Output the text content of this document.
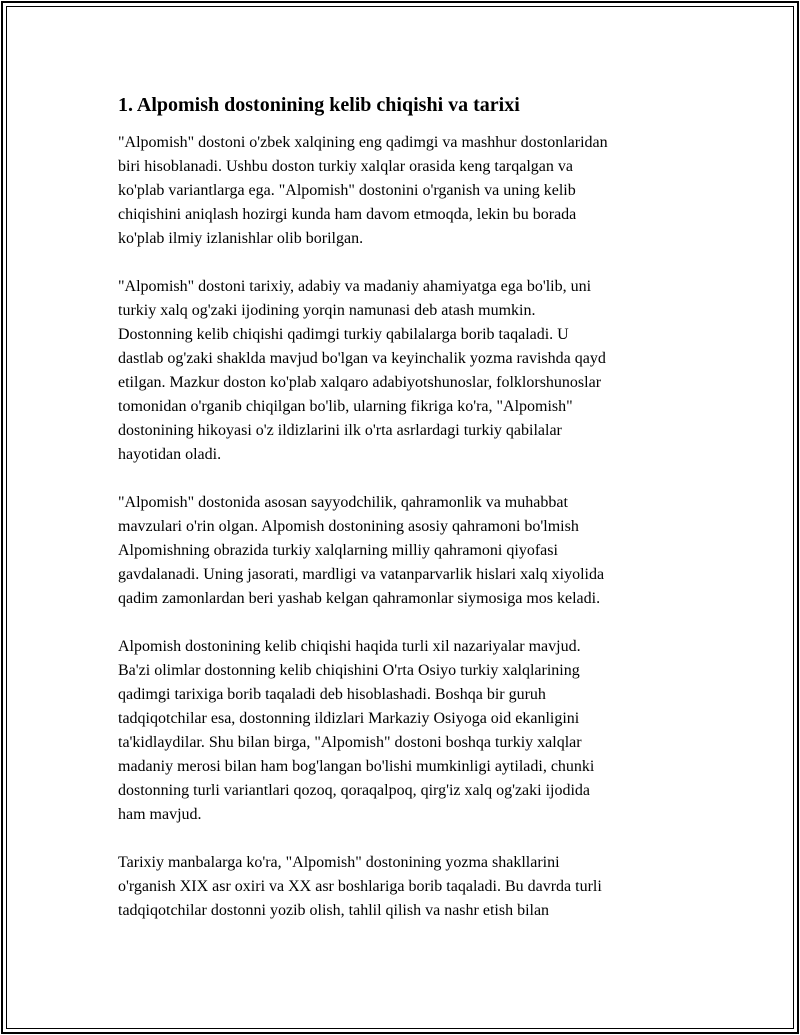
1. Alpomish dostonining kelib chiqishi va tarixi

"Alpomish" dostoni o'zbek xalqining eng qadimgi va mashhur dostonlaridan
biri hisoblanadi. Ushbu doston turkiy xalqlar orasida keng tarqalgan va
ko'plab variantlarga ega. "Alpomish" dostonini o'rganish va uning kelib
chiqishini aniqlash hozirgi kunda ham davom etmoqda, lekin bu borada
ko'plab ilmiy izlanishlar olib borilgan.

"Alpomish" dostoni tarixiy, adabiy va madaniy ahamiyatga ega bo'lib, uni
turkiy xalq og'zaki ijodining yorqin namunasi deb atash mumkin.
Dostonning kelib chiqishi qadimgi turkiy qabilalarga borib taqaladi. U
dastlab og'zaki shaklda mavjud bo'lgan va keyinchalik yozma ravishda qayd
etilgan. Mazkur doston ko'plab xalqaro adabiyotshunoslar, folklorshunoslar
tomonidan o'rganib chiqilgan bo'lib, ularning fikriga ko'ra, "Alpomish"
dostonining hikoyasi o'z ildizlarini ilk o'rta asrlardagi turkiy qabilalar
hayotidan oladi.

"Alpomish" dostonida asosan sayyodchilik, qahramonlik va muhabbat
mavzulari o'rin olgan. Alpomish dostonining asosiy qahramoni bo'lmish
Alpomishning obrazida turkiy xalqlarning milliy qahramoni qiyofasi
gavdalanadi. Uning jasorati, mardligi va vatanparvarlik hislari xalq xiyolida
qadim zamonlardan beri yashab kelgan qahramonlar siymosiga mos keladi.

Alpomish dostonining kelib chiqishi haqida turli xil nazariyalar mavjud.
Ba'zi olimlar dostonning kelib chiqishini O'rta Osiyo turkiy xalqlarining
qadimgi tarixiga borib taqaladi deb hisoblashadi. Boshqa bir guruh
tadqiqotchilar esa, dostonning ildizlari Markaziy Osiyoga oid ekanligini
ta'kidlaydilar. Shu bilan birga, "Alpomish" dostoni boshqa turkiy xalqlar
madaniy merosi bilan ham bog'langan bo'lishi mumkinligi aytiladi, chunki
dostonning turli variantlari qozoq, qoraqalpoq, qirg'iz xalq og'zaki ijodida
ham mavjud.

Tarixiy manbalarga ko'ra, "Alpomish" dostonining yozma shakllarini
o'rganish XIX asr oxiri va XX asr boshlariga borib taqaladi. Bu davrda turli
tadqiqotchilar dostonni yozib olish, tahlil qilish va nashr etish bilan
